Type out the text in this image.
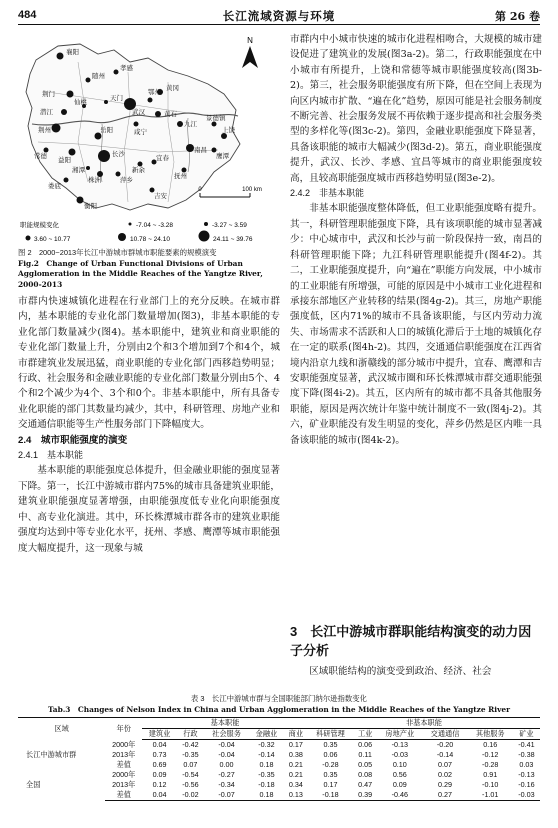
484	长江流域资源与环境	第 26 卷
N
0	100 km
襄阳
孝感
随州
荆门
天门
仙桃
潜江	武汉
鄂州
黄冈
黄石
咸宁
荆州
九江
景德镇
岳阳
常德
益阳
长沙
南昌
宜春
新余
抚州
鹰潭
上饶
株洲	萍乡
湘潭
娄底
衡阳
吉安
职能规模变化	-7.04 ~ -3.28	-3.27 ~ 3.59
3.60 ~ 10.77	10.78 ~ 24.10	24.11 ~ 39.76
图 2　2000~2013年长江中游城市群城市职能要素的规模演变
Fig.2　Change of Urban Functional Divisions of Urban Agglomeration in the Middle Reaches of the Yangtze River, 2000-2013

市群内快速城镇化进程在行业部门上的充分反映。在城市群内，基本职能的专业化部门数量增加(图3)，非基本职能的专业化部门数量减少(图4)。基本职能中，建筑业和商业职能的专业化部门数量上升，分别由2个和3个增加到7个和4个，城市群建筑业发展迅猛，商业职能的专业化部门西移趋势明显；行政、社会服务和金融业职能的专业化部门数量分别由5个、4个和2个减少为4个、3个和0个。非基本职能中，所有具备专业化职能的部门其数量均减少，其中，科研管理、房地产业和交通通信职能等生产性服务部门下降幅度大。

2.4　城市职能强度的演变

2.4.1　基本职能

基本职能的职能强度总体提升，但金融业职能的强度显著下降。第一，长江中游城市群内75%的城市具备建筑业职能，建筑业职能强度显著增强，由职能强度低专业化向职能强度中、高专业化演进。其中，环长株潭城市群各市的建筑业职能强度均达到中等专业化水平，抚州、孝感、鹰潭等城市职能强度大幅度提升，这一现象与城

市群内中小城市快速的城市化进程相吻合，大规模的城市建设促进了建筑业的发展(图3a-2)。第二，行政职能强度在中小城市有所提升，上饶和常德等城市职能强度较高(图3b-2)。第三，社会服务职能强度有所下降，但在空间上表现为向区内城市扩散、“遍在化”趋势，原因可能是社会服务制度不断完善、社会服务发展不再依赖于逐步提高和社会服务类型的多样化等(图3c-2)。第四，金融业职能强度下降显著，具备该职能的城市大幅减少(图3d-2)。第五，商业职能强度提升，武汉、长沙、孝感、宜昌等城市的商业职能强度较高，且较高职能强度城市西移趋势明显(图3e-2)。

2.4.2　非基本职能

非基本职能强度整体降低，但工业职能强度略有提升。其一，科研管理职能强度下降，具有该项职能的城市显著减少：中心城市中，武汉和长沙与前一阶段保持一致，南昌的科研管理职能下降；九江科研管理职能提升(图4f-2)。其二，工业职能强度提升，向“遍在”职能方向发展，中小城市的工业职能有所增强，可能的原因是中小城市工业化进程和承接东部地区产业转移的结果(图4g-2)。其三，房地产职能强度低，区内71%的城市不具备该职能，与区内劳动力流失、市场需求不活跃和人口的城镇化滞后于土地的城镇化存在一定的联系(图4h-2)。其四，交通通信职能强度在江西省境内沿京九线和浙赣线的部分城市中提升，宜春、鹰潭和吉安职能强度显著，武汉城市圈和环长株潭城市群交通职能强度下降(图4i-2)。其五，区内所有的城市都不具备其他服务职能，原因是两次统计年鉴中统计制度不一致(图4j-2)。其六，矿业职能没有发生明显的变化，萍乡仍然是区内唯一具备该职能的城市(图4k-2)。

3　长江中游城市群职能结构演变的动力因子分析
区域职能结构的演变受到政治、经济、社会
表 3　长江中游城市群与全国职能部门纳尔逊指数变化
Tab.3　Changes of Nelson Index in China and Urban Agglomeration in the Middle Reaches of the Yangtze River
区域	年份	基本职能					非基本职能					
		建筑业	行政	社会服务	金融业	商业	科研管理	工业	房地产业	交通通信	其他服务	矿业
长江中游城市群	2000年	0.04	-0.42	-0.04	-0.32	0.17	0.35	0.06	-0.13	-0.20	0.16	-0.41
	2013年	0.73	-0.35	-0.04	-0.14	0.38	0.06	0.11	-0.03	-0.14	-0.12	-0.38
	差值	0.69	0.07	0.00	0.18	0.21	-0.28	0.05	0.10	0.07	-0.28	0.03
全国	2000年	0.09	-0.54	-0.27	-0.35	0.21	0.35	0.08	0.56	0.02	0.91	-0.13
	2013年	0.12	-0.56	-0.34	-0.18	0.34	0.17	0.47	0.09	0.29	-0.10	-0.16
	差值	0.04	-0.02	-0.07	0.18	0.13	-0.18	0.39	-0.46	0.27	-1.01	-0.03
